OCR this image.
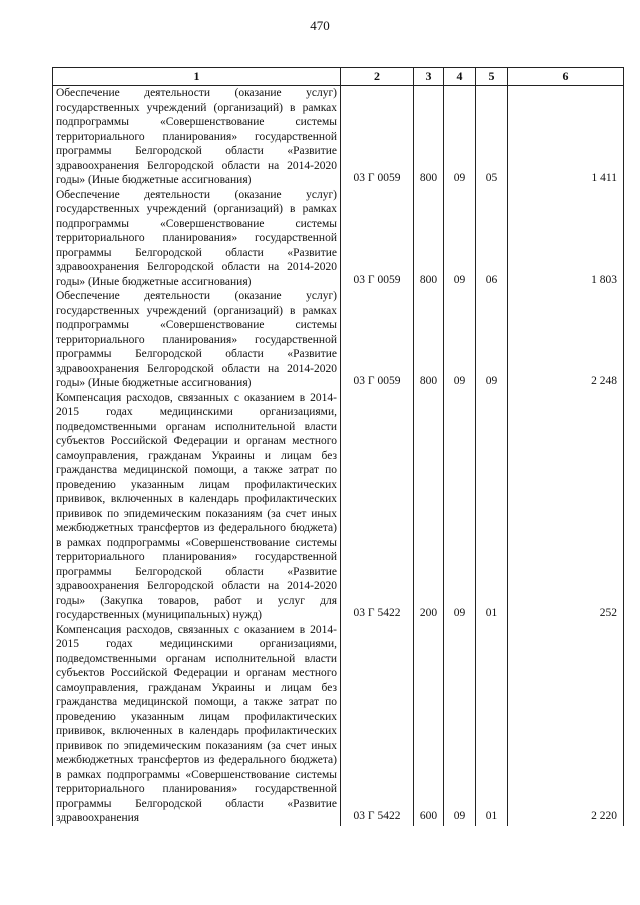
470
1	2	3	4	5	6
Обеспечение деятельности (оказание услуг) государственных учреждений (организаций) в рамках подпрограммы «Совершенствование системы территориального планирования» государственной программы Белгородской области «Развитие здравоохранения Белгородской области на 2014-2020 годы» (Иные бюджетные ассигнования)	03 Г 0059	800	09	05	1 411
Обеспечение деятельности (оказание услуг) государственных учреждений (организаций) в рамках подпрограммы «Совершенствование системы территориального планирования» государственной программы Белгородской области «Развитие здравоохранения Белгородской области на 2014-2020 годы» (Иные бюджетные ассигнования)	03 Г 0059	800	09	06	1 803
Обеспечение деятельности (оказание услуг) государственных учреждений (организаций) в рамках подпрограммы «Совершенствование системы территориального планирования» государственной программы Белгородской области «Развитие здравоохранения Белгородской области на 2014-2020 годы» (Иные бюджетные ассигнования)	03 Г 0059	800	09	09	2 248
Компенсация расходов, связанных с оказанием в 2014-2015 годах медицинскими организациями, подведомственными органам исполнительной власти субъектов Российской Федерации и органам местного самоуправления, гражданам Украины и лицам без гражданства медицинской помощи, а также затрат по проведению указанным лицам профилактических прививок, включенных в календарь профилактических прививок по эпидемическим показаниям (за счет иных межбюджетных трансфертов из федерального бюджета) в рамках подпрограммы «Совершенствование системы территориального планирования» государственной программы Белгородской области «Развитие здравоохранения Белгородской области на 2014-2020 годы» (Закупка товаров, работ и услуг для государственных (муниципальных) нужд)	03 Г 5422	200	09	01	252
Компенсация расходов, связанных с оказанием в 2014-2015 годах медицинскими организациями, подведомственными органам исполнительной власти субъектов Российской Федерации и органам местного самоуправления, гражданам Украины и лицам без гражданства медицинской помощи, а также затрат по проведению указанным лицам профилактических прививок, включенных в календарь профилактических прививок по эпидемическим показаниям (за счет иных межбюджетных трансфертов из федерального бюджета) в рамках подпрограммы «Совершенствование системы территориального планирования» государственной программы Белгородской области «Развитие здравоохранения	03 Г 5422	600	09	01	2 220
